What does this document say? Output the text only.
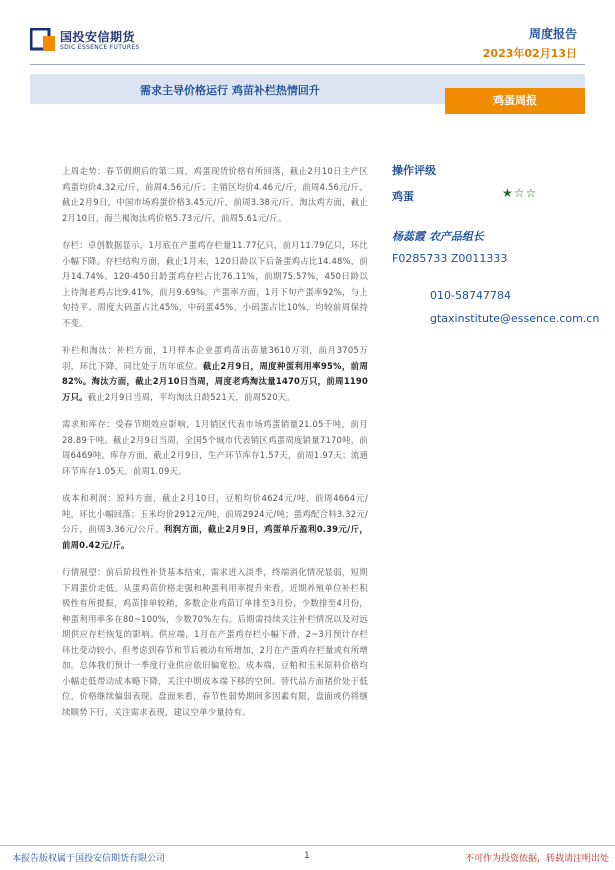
国投安信期货
SDIC ESSENCE FUTURES
周度报告
2023年02月13日
需求主导价格运行 鸡苗补栏热情回升
鸡蛋周报

上周走势：春节假期后的第二周，鸡蛋现货价格有所回落，截止2月10日主产区鸡蛋均价4.32元/斤，前周4.56元/斤；主销区均价4.46元/斤，前周4.56元/斤。截止2月9日，中国市场鸡蛋价格3.45元/斤，前周3.38元/斤。淘汰鸡方面，截止2月10日，海兰褐淘汰鸡价格5.73元/斤，前周5.61元/斤。

存栏：卓创数据显示，1月底在产蛋鸡存栏量11.77亿只，前月11.79亿只，环比小幅下降。存栏结构方面，截止1月末，120日龄以下后备蛋鸡占比14.48%，前月14.74%。120-450日龄蛋鸡存栏占比76.11%，前期75.57%，450日龄以上待淘老鸡占比9.41%，前月9.69%。产蛋率方面，1月下旬产蛋率92%，与上旬持平。周度大码蛋占比45%，中码蛋45%，小码蛋占比10%，均较前周保持不变。

补栏和淘汰：补栏方面，1月样本企业蛋鸡苗出苗量3610万羽，前月3705万羽，环比下降，同比处于历年底位。截止2月9日，周度种蛋利用率95%，前周82%。淘汰方面，截止2月10日当周，周度老鸡淘汰量1470万只，前周1190万只。截止2月9日当周，平均淘汰日龄521天，前周520天。

需求和库存：受春节期效应影响，1月销区代表市场鸡蛋销量21.05千吨，前月28.89千吨。截止2月9日当周，全国5个城市代表销区鸡蛋周度销量7170吨，前周6469吨。库存方面，截止2月9日，生产环节库存1.57天，前周1.97天；流通环节库存1.05天，前周1.09天。

成本和利润：原料方面，截止2月10日，豆粕均价4624元/吨，前周4664元/吨，环比小幅回落；玉米均价2912元/吨，前周2924元/吨；蛋鸡配合料3.32元/公斤，前周3.36元/公斤。利润方面，截止2月9日，鸡蛋单斤盈利0.39元/斤，前周0.42元/斤。

行情展望：前后阶段性补货基本结束，需求进入淡季，终端消化情况显弱，短期下周蛋价走低。从蛋鸡苗价格走强和种蛋利用率提升来看，近期养殖单位补栏积极性有所提振，鸡苗排单较稍，多数企业鸡苗订单排至3月份，少数排至4月份，种蛋利用率多在80~100%，少数70%左右。后期需持续关注补栏情况以及对远期供应存栏恢复的影响。供应端，1月在产蛋鸡存栏小幅下滑，2~3月预计存栏环比变动较小，但考虑到春节和节后被动有所增加，2月在产蛋鸡存栏量或有所增加。总体我们预计一季度行业供应依旧偏宽松。成本端，豆粕和玉米原料价格均小幅走低带动成本略下降，关注中期成本端下移的空间。替代品方面猪价处于低位，价格继续偏弱表现。盘面来看，春节性弱势期间多因素有限，盘面或仍将继续顺势下行，关注需求表现，建议空单少量持有。

操作评级
鸡蛋	★☆☆
杨蕊霞 农产品组长
F0285733 Z0011333
010-58747784
gtaxinstitute@essence.com.cn
本报告版权属于国投安信期货有限公司	1	不可作为投资依据，转载请注明出处
